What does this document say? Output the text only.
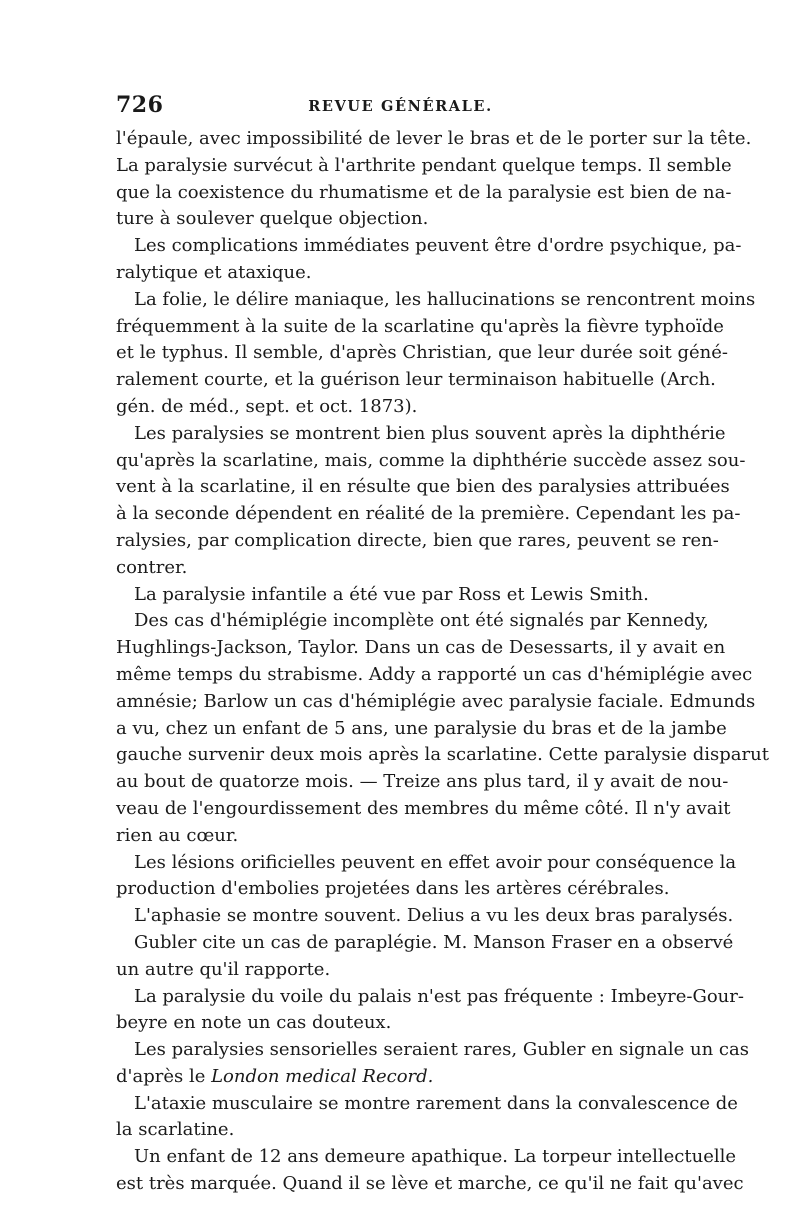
726	REVUE GÉNÉRALE.
l'épaule, avec impossibilité de lever le bras et de le porter sur la tête.
La paralysie survécut à l'arthrite pendant quelque temps. Il semble
que la coexistence du rhumatisme et de la paralysie est bien de na-
ture à soulever quelque objection.
Les complications immédiates peuvent être d'ordre psychique, pa-
ralytique et ataxique.
La folie, le délire maniaque, les hallucinations se rencontrent moins
fréquemment à la suite de la scarlatine qu'après la fièvre typhoïde
et le typhus. Il semble, d'après Christian, que leur durée soit géné-
ralement courte, et la guérison leur terminaison habituelle (Arch.
gén. de méd., sept. et oct. 1873).
Les paralysies se montrent bien plus souvent après la diphthérie
qu'après la scarlatine, mais, comme la diphthérie succède assez sou-
vent à la scarlatine, il en résulte que bien des paralysies attribuées
à la seconde dépendent en réalité de la première. Cependant les pa-
ralysies, par complication directe, bien que rares, peuvent se ren-
contrer.
La paralysie infantile a été vue par Ross et Lewis Smith.
Des cas d'hémiplégie incomplète ont été signalés par Kennedy,
Hughlings-Jackson, Taylor. Dans un cas de Desessarts, il y avait en
même temps du strabisme. Addy a rapporté un cas d'hémiplégie avec
amnésie; Barlow un cas d'hémiplégie avec paralysie faciale. Edmunds
a vu, chez un enfant de 5 ans, une paralysie du bras et de la jambe
gauche survenir deux mois après la scarlatine. Cette paralysie disparut
au bout de quatorze mois. — Treize ans plus tard, il y avait de nou-
veau de l'engourdissement des membres du même côté. Il n'y avait
rien au cœur.
Les lésions orificielles peuvent en effet avoir pour conséquence la
production d'embolies projetées dans les artères cérébrales.
L'aphasie se montre souvent. Delius a vu les deux bras paralysés.
Gubler cite un cas de paraplégie. M. Manson Fraser en a observé
un autre qu'il rapporte.
La paralysie du voile du palais n'est pas fréquente : Imbeyre-Gour-
beyre en note un cas douteux.
Les paralysies sensorielles seraient rares, Gubler en signale un cas
d'après le London medical Record.
L'ataxie musculaire se montre rarement dans la convalescence de
la scarlatine.
Un enfant de 12 ans demeure apathique. La torpeur intellectuelle
est très marquée. Quand il se lève et marche, ce qu'il ne fait qu'avec
